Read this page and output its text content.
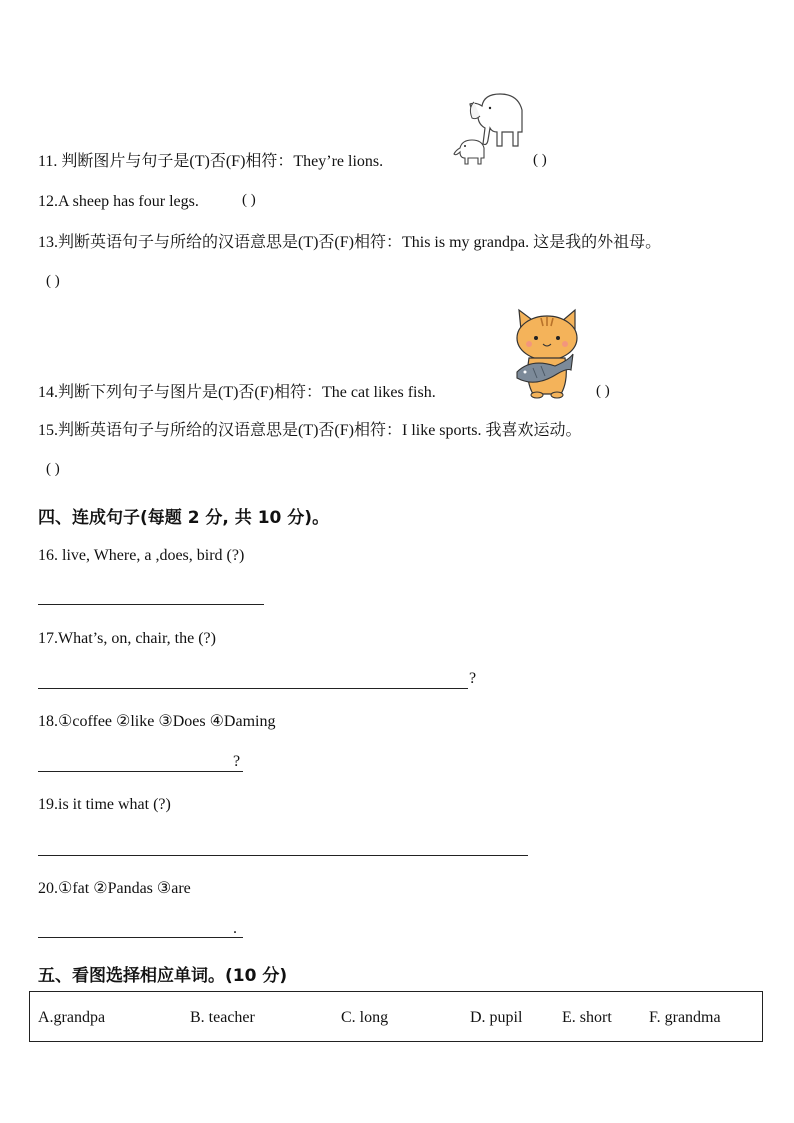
11. 判断图片与句子是(T)否(F)相符：They’re lions.	( )
12.A sheep has four legs.	( )
13.判断英语句子与所给的汉语意思是(T)否(F)相符：This is my grandpa. 这是我的外祖母。
( )
14.判断下列句子与图片是(T)否(F)相符：The cat likes fish.	( )
15.判断英语句子与所给的汉语意思是(T)否(F)相符：I like sports. 我喜欢运动。
( )
四、连成句子(每题 2 分, 共 10 分)。
16. live, Where, a ,does, bird (?)
17.What’s, on, chair, the (?)
?
18.①coffee ②like ③Does ④Daming
?
19.is it time what (?)
20.①fat ②Pandas ③are
.
五、看图选择相应单词。(10 分)
A.grandpa	B. teacher	C. long	D. pupil E. short F. grandma
